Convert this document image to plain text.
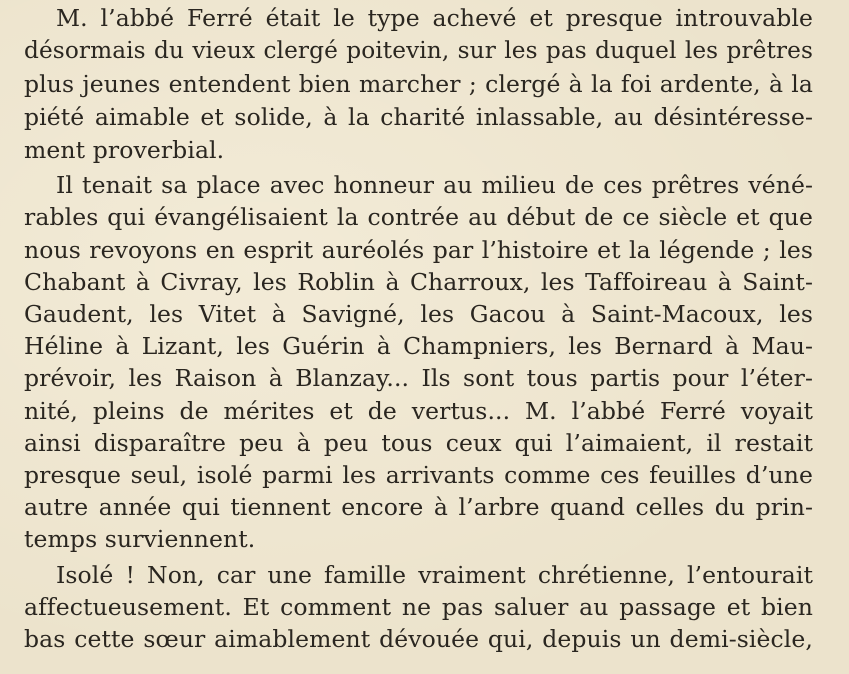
M. l’abbé Ferré était le type achevé et presque introuvable
désormais du vieux clergé poitevin, sur les pas duquel les prêtres
plus jeunes entendent bien marcher ; clergé à la foi ardente, à la
piété aimable et solide, à la charité inlassable, au désintéresse-
ment proverbial.
Il tenait sa place avec honneur au milieu de ces prêtres véné-
rables qui évangélisaient la contrée au début de ce siècle et que
nous revoyons en esprit auréolés par l’histoire et la légende ; les
Chabant à Civray, les Roblin à Charroux, les Taffoireau à Saint-
Gaudent, les Vitet à Savigné, les Gacou à Saint-Macoux, les
Héline à Lizant, les Guérin à Champniers, les Bernard à Mau-
prévoir, les Raison à Blanzay... Ils sont tous partis pour l’éter-
nité, pleins de mérites et de vertus... M. l’abbé Ferré voyait
ainsi disparaître peu à peu tous ceux qui l’aimaient, il restait
presque seul, isolé parmi les arrivants comme ces feuilles d’une
autre année qui tiennent encore à l’arbre quand celles du prin-
temps surviennent.
Isolé ! Non, car une famille vraiment chrétienne, l’entourait
affectueusement. Et comment ne pas saluer au passage et bien
bas cette sœur aimablement dévouée qui, depuis un demi-siècle,
